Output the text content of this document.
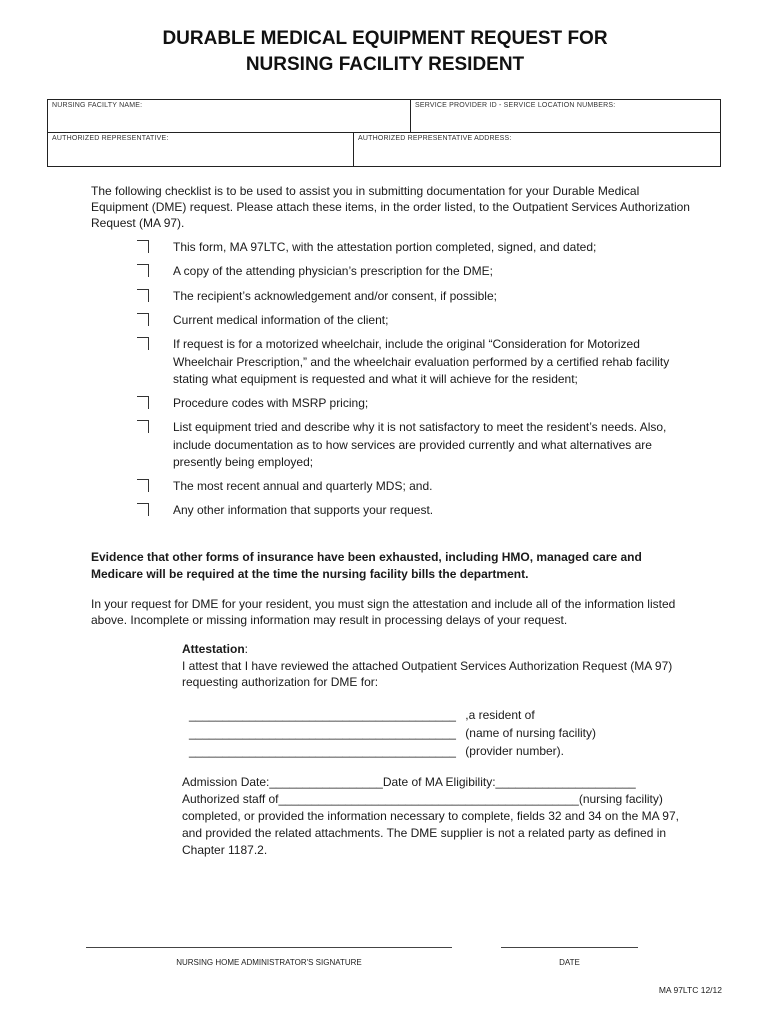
DURABLE MEDICAL EQUIPMENT REQUEST FOR
NURSING FACILITY RESIDENT
NURSING FACILTY NAME:	SERVICE PROVIDER ID - SERVICE LOCATION NUMBERS:
AUTHORIZED REPRESENTATIVE:	AUTHORIZED REPRESENTATIVE ADDRESS:
The following checklist is to be used to assist you in submitting documentation for your Durable Medical Equipment (DME) request. Please attach these items, in the order listed, to the Outpatient Services Authorization Request (MA 97).
This form, MA 97LTC, with the attestation portion completed, signed, and dated;
A copy of the attending physician’s prescription for the DME;
The recipient’s acknowledgement and/or consent, if possible;
Current medical information of the client;
If request is for a motorized wheelchair, include the original “Consideration for Motorized Wheelchair Prescription,” and the wheelchair evaluation performed by a certified rehab facility stating what equipment is requested and what it will achieve for the resident;
Procedure codes with MSRP pricing;
List equipment tried and describe why it is not satisfactory to meet the resident’s needs. Also, include documentation as to how services are provided currently and what alternatives are presently being employed;
The most recent annual and quarterly MDS; and.
Any other information that supports your request.
Evidence that other forms of insurance have been exhausted, including HMO, managed care and Medicare will be required at the time the nursing facility bills the department.
In your request for DME for your resident, you must sign the attestation and include all of the information listed above. Incomplete or missing information may result in processing delays of your request.
Attestation:
I attest that I have reviewed the attached Outpatient Services Authorization Request (MA 97) requesting authorization for DME for:
________________________________________ ,a resident of
________________________________________ (name of nursing facility)
________________________________________ (provider number).
Admission Date:_________________Date of MA Eligibility:_____________________
Authorized staff of_____________________________________________(nursing facility)
completed, or provided the information necessary to complete, fields 32 and 34 on the MA 97, and provided the related attachments. The DME supplier is not a related party as defined in Chapter 1187.2.
NURSING HOME ADMINISTRATOR'S SIGNATURE	DATE
MA 97LTC 12/12
